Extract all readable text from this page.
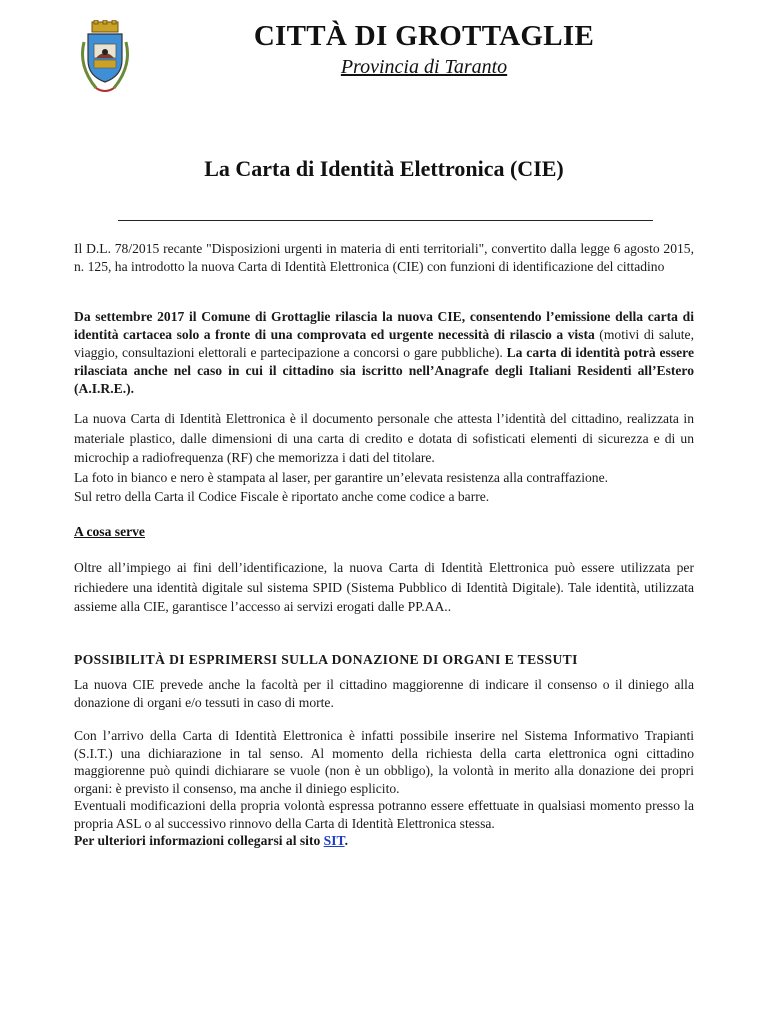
CITTÀ DI GROTTAGLIE
Provincia di Taranto
La Carta di Identità Elettronica (CIE)

Il D.L. 78/2015 recante "Disposizioni urgenti in materia di enti territoriali", convertito dalla legge 6 agosto 2015, n. 125, ha introdotto la nuova Carta di Identità Elettronica (CIE) con funzioni di identificazione del cittadino

Da settembre 2017 il Comune di Grottaglie rilascia la nuova CIE, consentendo l’emissione della carta di identità cartacea solo a fronte di una comprovata ed urgente necessità di rilascio a vista (motivi di salute, viaggio, consultazioni elettorali e partecipazione a concorsi o gare pubbliche). La carta di identità potrà essere rilasciata anche nel caso in cui il cittadino sia iscritto nell’Anagrafe degli Italiani Residenti all’Estero (A.I.R.E.).

La nuova Carta di Identità Elettronica è il documento personale che attesta l’identità del cittadino, realizzata in materiale plastico, dalle dimensioni di una carta di credito e dotata di sofisticati elementi di sicurezza e di un microchip a radiofrequenza (RF) che memorizza i dati del titolare.
La foto in bianco e nero è stampata al laser, per garantire un’elevata resistenza alla contraffazione.
Sul retro della Carta il Codice Fiscale è riportato anche come codice a barre.

A cosa serve

Oltre all’impiego ai fini dell’identificazione, la nuova Carta di Identità Elettronica può essere utilizzata per richiedere una identità digitale sul sistema SPID (Sistema Pubblico di Identità Digitale). Tale identità, utilizzata assieme alla CIE, garantisce l’accesso ai servizi erogati dalle PP.AA..

POSSIBILITÀ DI ESPRIMERSI SULLA DONAZIONE DI ORGANI E TESSUTI

La nuova CIE prevede anche la facoltà per il cittadino maggiorenne di indicare il consenso o il diniego alla donazione di organi e/o tessuti in caso di morte.

Con l’arrivo della Carta di Identità Elettronica è infatti possibile inserire nel Sistema Informativo Trapianti (S.I.T.) una dichiarazione in tal senso. Al momento della richiesta della carta elettronica ogni cittadino maggiorenne può quindi dichiarare se vuole (non è un obbligo), la volontà in merito alla donazione dei propri organi: è previsto il consenso, ma anche il diniego esplicito.
Eventuali modificazioni della propria volontà espressa potranno essere effettuate in qualsiasi momento presso la propria ASL o al successivo rinnovo della Carta di Identità Elettronica stessa.
Per ulteriori informazioni collegarsi al sito SIT.
